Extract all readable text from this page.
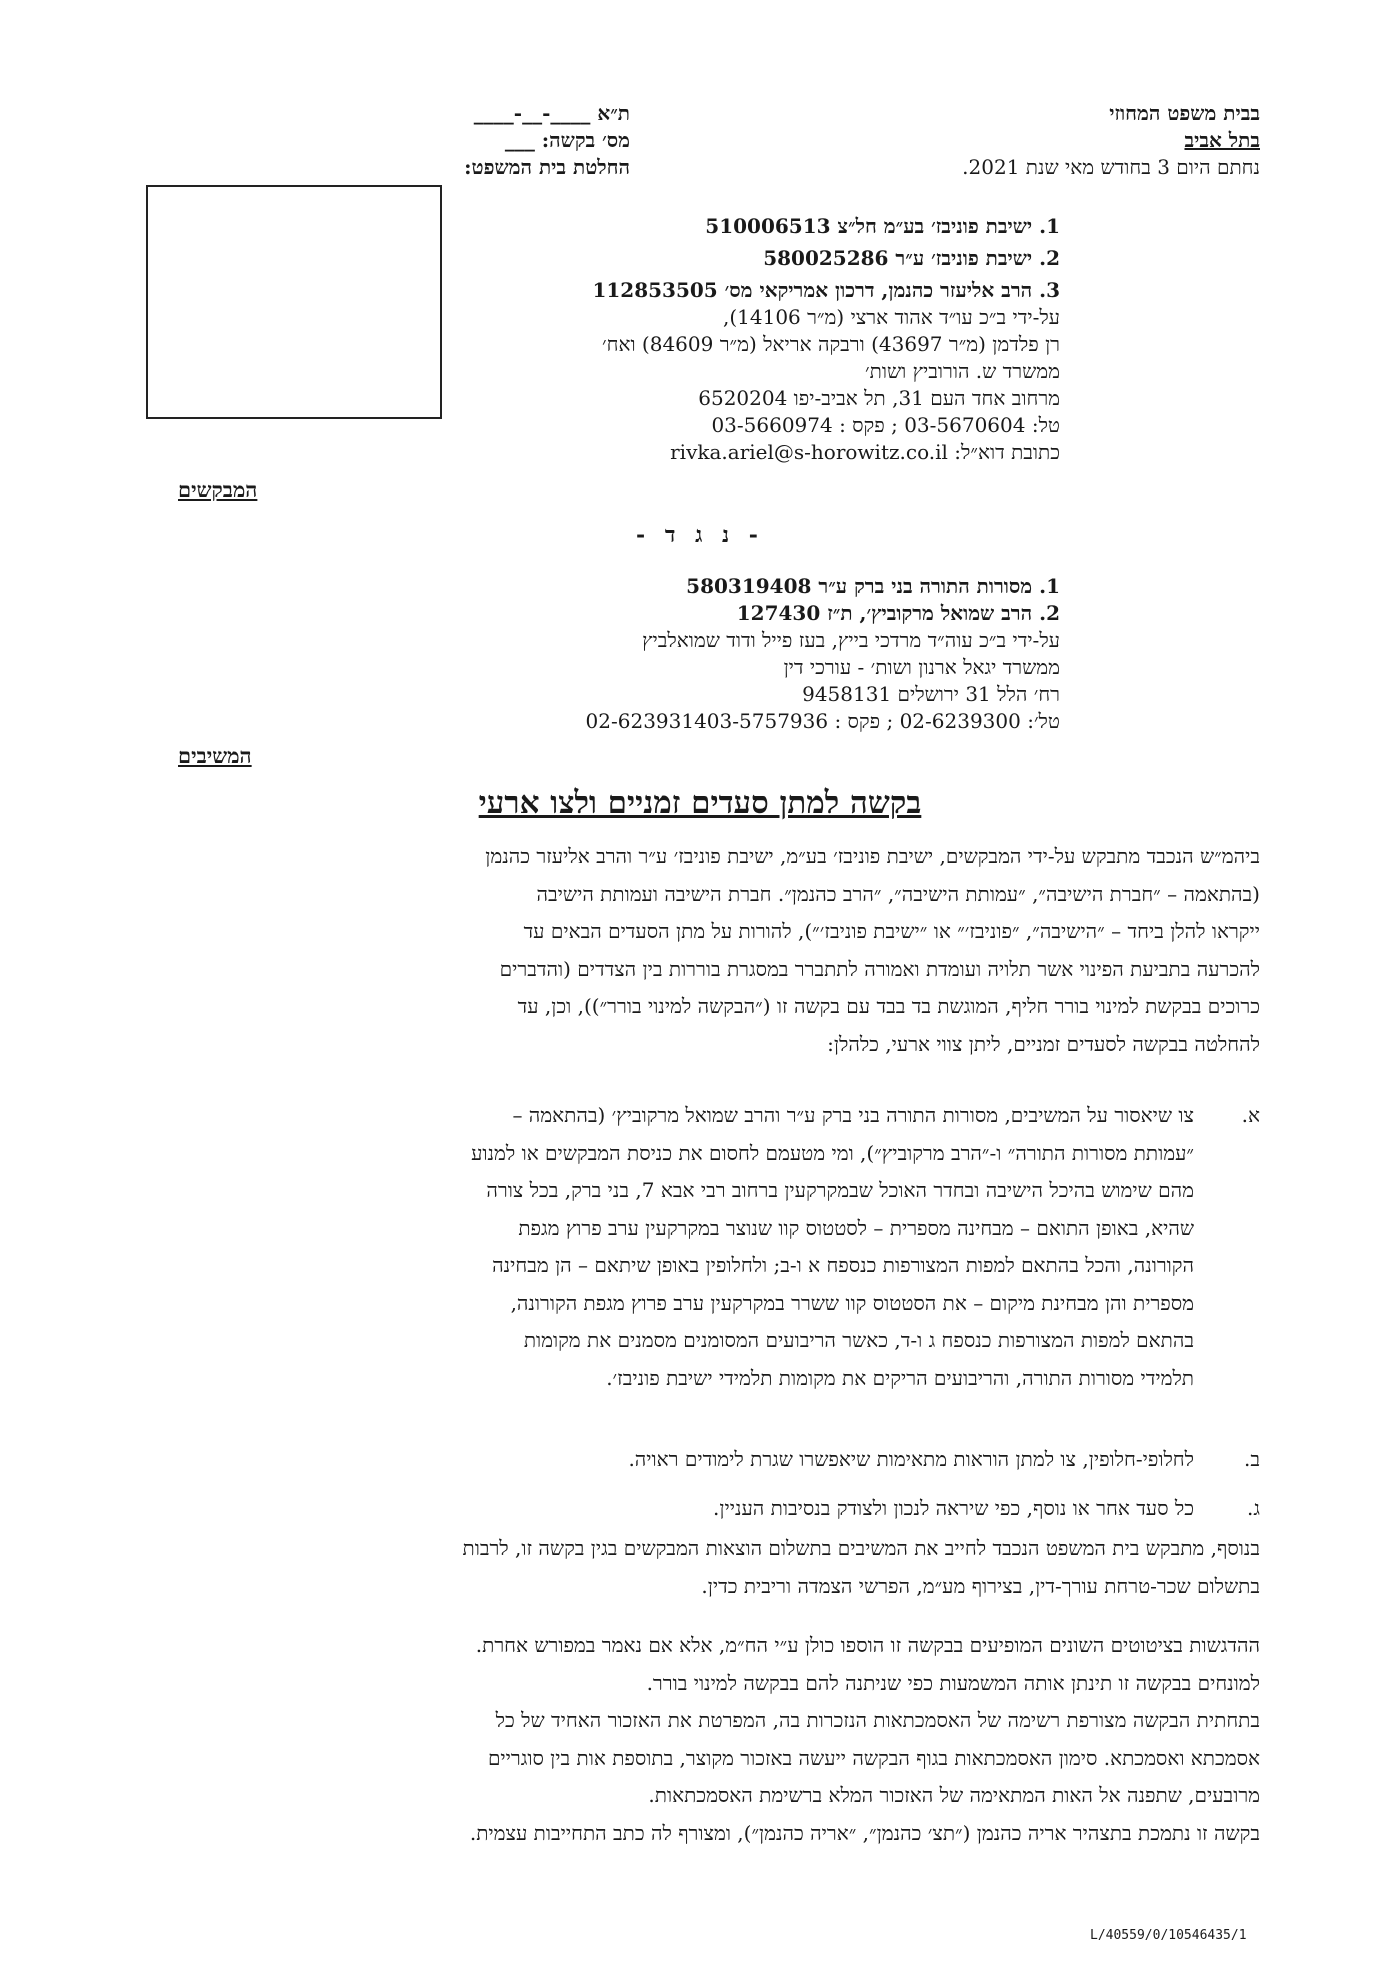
בבית משפט המחוזי
בתל אביב
נחתם היום 3 בחודש מאי שנת 2021.
ת״א ____-__-____
מס׳ בקשה: ___
החלטת בית המשפט:
1. ישיבת פוניבז׳ בע״מ חל״צ 510006513
2. ישיבת פוניבז׳ ע״ר 580025286
3. הרב אליעזר כהנמן, דרכון אמריקאי מס׳ 112853505
על-ידי ב״כ עו״ד אהוד ארצי (מ״ר 14106),
רן פלדמן (מ״ר 43697) ורבקה אריאל (מ״ר 84609) ואח׳
ממשרד ש. הורוביץ ושות׳
מרחוב אחד העם 31, תל אביב-יפו 6520204
טל: 03-5670604 ; פקס : 03-5660974
כתובת דוא״ל: rivka.ariel@s-horowitz.co.il
המבקשים
- נ ג ד -
1. מסורות התורה בני ברק ע״ר 580319408
2. הרב שמואל מרקוביץ׳, ת״ז 127430
על-ידי ב״כ עוה״ד מרדכי בייץ, בעז פייל ודוד שמואלביץ
ממשרד יגאל ארנון ושות׳ - עורכי דין
רח׳ הלל 31 ירושלים 9458131
טל׳: 02-6239300 ; פקס : 02-623931403-5757936
המשיבים
בקשה למתן סעדים זמניים ולצו ארעי
ביהמ״ש הנכבד מתבקש על-ידי המבקשים, ישיבת פוניבז׳ בע״מ, ישיבת פוניבז׳ ע״ר והרב אליעזר כהנמן
(בהתאמה – ״חברת הישיבה״, ״עמותת הישיבה״, ״הרב כהנמן״. חברת הישיבה ועמותת הישיבה
ייקראו להלן ביחד – ״הישיבה״, ״פוניבז׳״ או ״ישיבת פוניבז׳״), להורות על מתן הסעדים הבאים עד
להכרעה בתביעת הפינוי אשר תלויה ועומדת ואמורה לתתברר במסגרת בוררות בין הצדדים (והדברים
כרוכים בבקשת למינוי בורר חליף, המוגשת בד בבד עם בקשה זו (״הבקשה למינוי בורר״)), וכן, עד
להחלטה בבקשה לסעדים זמניים, ליתן צווי ארעי, כלהלן:
א.
צו שיאסור על המשיבים, מסורות התורה בני ברק ע״ר והרב שמואל מרקוביץ׳ (בהתאמה –
״עמותת מסורות התורה״ ו-״הרב מרקוביץ״), ומי מטעמם לחסום את כניסת המבקשים או למנוע
מהם שימוש בהיכל הישיבה ובחדר האוכל שבמקרקעין ברחוב רבי אבא 7, בני ברק, בכל צורה
שהיא, באופן התואם – מבחינה מספרית – לסטטוס קוו שנוצר במקרקעין ערב פרוץ מגפת
הקורונה, והכל בהתאם למפות המצורפות כנספח א ו-ב; ולחלופין באופן שיתאם – הן מבחינה
מספרית והן מבחינת מיקום – את הסטטוס קוו ששרר במקרקעין ערב פרוץ מגפת הקורונה,
בהתאם למפות המצורפות כנספח ג ו-ד, כאשר הריבועים המסומנים מסמנים את מקומות
תלמידי מסורות התורה, והריבועים הריקים את מקומות תלמידי ישיבת פוניבז׳.
ב.
לחלופי-חלופין, צו למתן הוראות מתאימות שיאפשרו שגרת לימודים ראויה.
ג.
כל סעד אחר או נוסף, כפי שיראה לנכון ולצודק בנסיבות העניין.
בנוסף, מתבקש בית המשפט הנכבד לחייב את המשיבים בתשלום הוצאות המבקשים בגין בקשה זו, לרבות
בתשלום שכר-טרחת עורך-דין, בצירוף מע״מ, הפרשי הצמדה וריבית כדין.
ההדגשות בציטוטים השונים המופיעים בבקשה זו הוספו כולן ע״י הח״מ, אלא אם נאמר במפורש אחרת.
למונחים בבקשה זו תינתן אותה המשמעות כפי שניתנה להם בבקשה למינוי בורר.
בתחתית הבקשה מצורפת רשימה של האסמכתאות הנזכרות בה, המפרטת את האזכור האחיד של כל
אסמכתא ואסמכתא. סימון האסמכתאות בגוף הבקשה ייעשה באזכור מקוצר, בתוספת אות בין סוגריים
מרובעים, שתפנה אל האות המתאימה של האזכור המלא ברשימת האסמכתאות.
בקשה זו נתמכת בתצהיר אריה כהנמן (״תצ׳ כהנמן״, ״אריה כהנמן״), ומצורף לה כתב התחייבות עצמית.
L/40559/0/10546435/1
